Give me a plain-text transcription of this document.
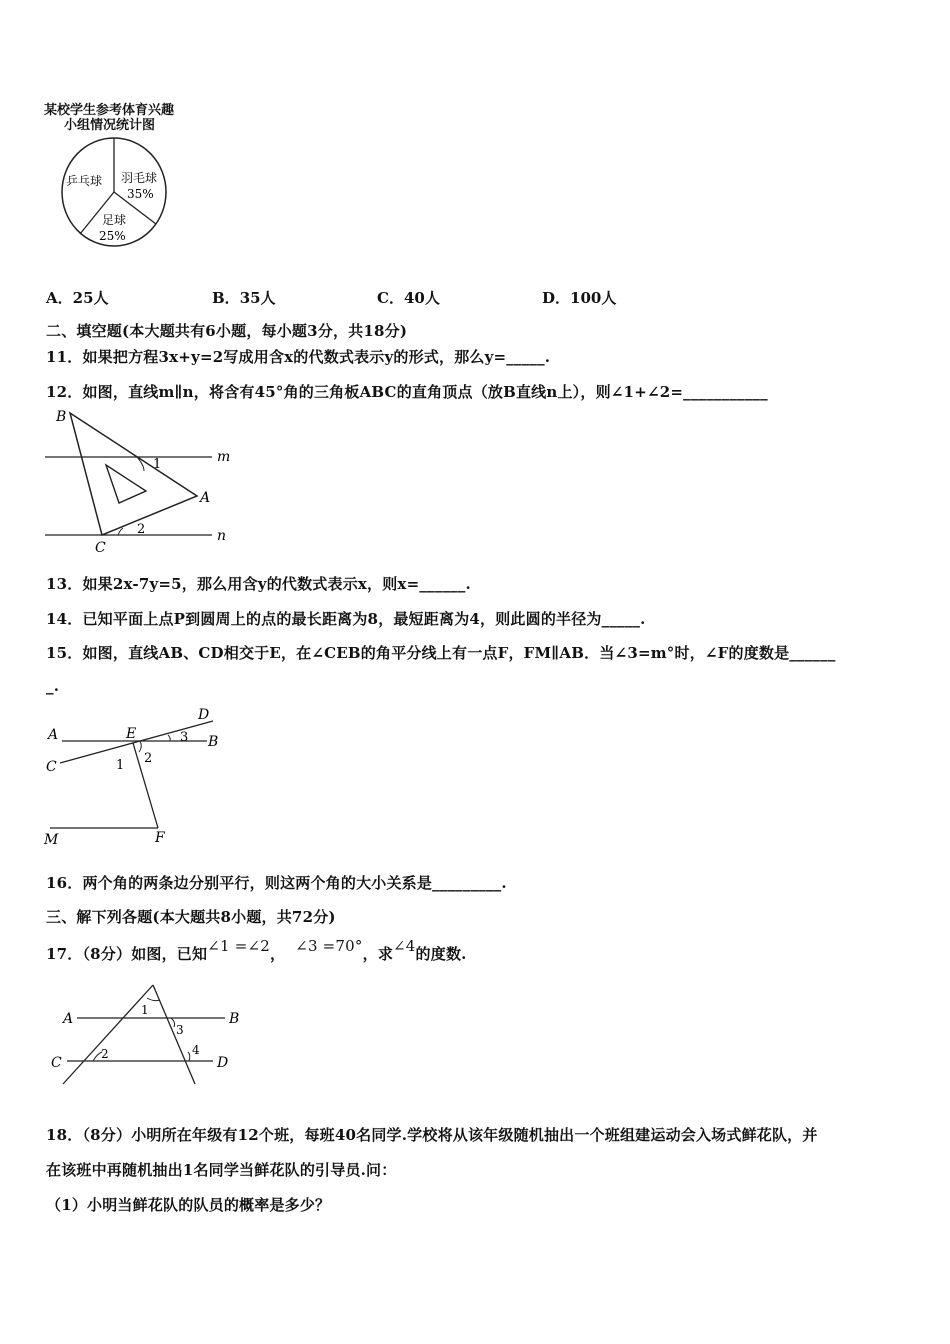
某校学生参考体育兴趣
小组情况统计图
乒乓球 羽毛球
35%
足球
25%
A．25人	B．35人	C．40人	D．100人
二、填空题(本大题共有6小题，每小题3分，共18分)
11．如果把方程3x+y=2写成用含x的代数式表示y的形式，那么y=_____.
12．如图，直线m∥n，将含有45°角的三角板ABC的直角顶点（放B直线n上），则∠1+∠2=___________
B
A
C
m
n
1
2
13．如果2x-7y=5，那么用含y的代数式表示x，则x=______.
14．已知平面上点P到圆周上的点的最长距离为8，最短距离为4，则此圆的半径为_____.
15．如图，直线AB、CD相交于E，在∠CEB的角平分线上有一点F，FM∥AB．当∠3=m°时，∠F的度数是______
_.
A	B
C
D
E
M	F
1 2
3
16．两个角的两条边分别平行，则这两个角的大小关系是_________.
三、解下列各题(本大题共8小题，共72分)
17．（8分）如图，已知∠1 =∠2， ∠3 =70°，求∠4的度数.
A	B
C	D
1
2
3
4
18．（8分）小明所在年级有12个班，每班40名同学.学校将从该年级随机抽出一个班组建运动会入场式鲜花队，并
在该班中再随机抽出1名同学当鲜花队的引导员.问：
（1）小明当鲜花队的队员的概率是多少？
